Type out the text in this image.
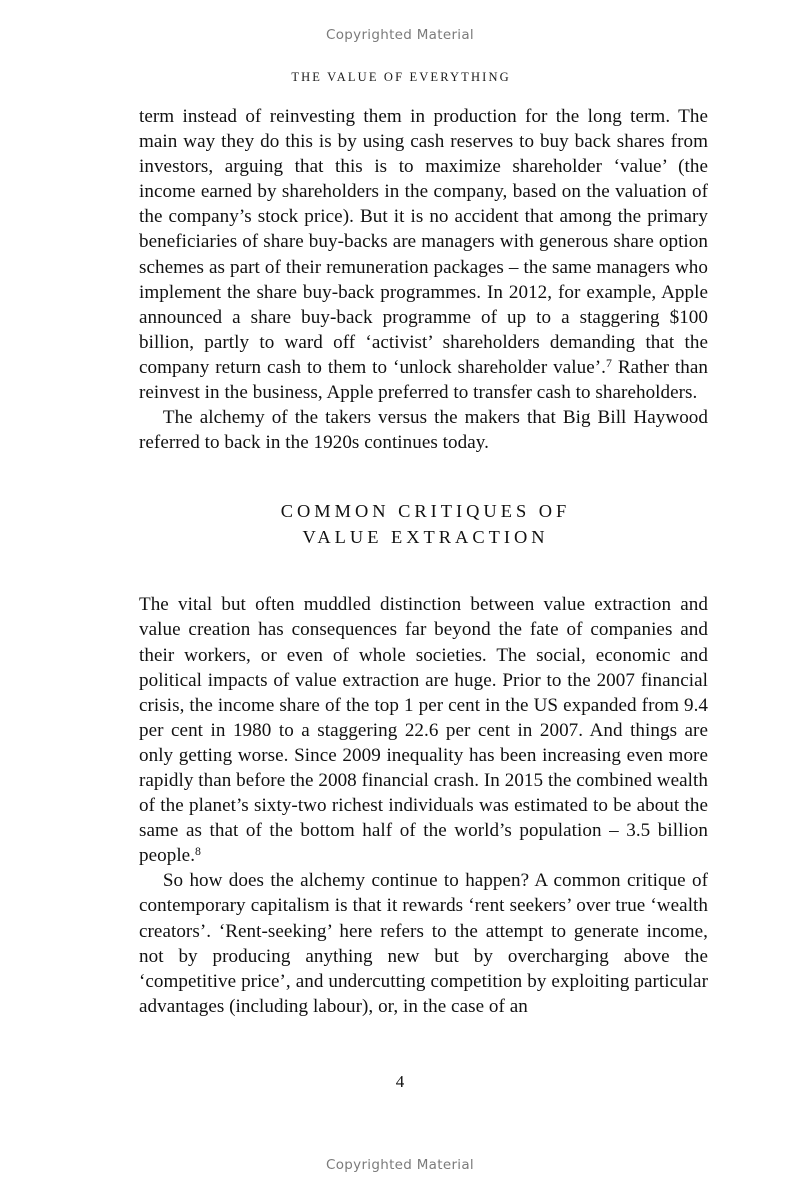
Copyrighted Material
THE VALUE OF EVERYTHING

term instead of reinvesting them in production for the long term. The main way they do this is by using cash reserves to buy back shares from investors, arguing that this is to maximize shareholder ‘value’ (the income earned by shareholders in the company, based on the valuation of the company’s stock price). But it is no accident that among the primary beneficiaries of share buy-backs are managers with generous share option schemes as part of their remuneration packages – the same managers who implement the share buy-back programmes. In 2012, for example, Apple announced a share buy-back programme of up to a staggering $100 billion, partly to ward off ‘activist’ shareholders demanding that the company return cash to them to ‘unlock shareholder value’.$^7$ Rather than reinvest in the business, Apple preferred to transfer cash to shareholders.

The alchemy of the takers versus the makers that Big Bill Haywood referred to back in the 1920s continues today.

COMMON CRITIQUES OF
VALUE EXTRACTION

The vital but often muddled distinction between value extraction and value creation has consequences far beyond the fate of companies and their workers, or even of whole societies. The social, economic and political impacts of value extraction are huge. Prior to the 2007 financial crisis, the income share of the top 1 per cent in the US expanded from 9.4 per cent in 1980 to a staggering 22.6 per cent in 2007. And things are only getting worse. Since 2009 inequality has been increasing even more rapidly than before the 2008 financial crash. In 2015 the combined wealth of the planet’s sixty-two richest individuals was estimated to be about the same as that of the bottom half of the world’s population – 3.5 billion people.$^8$

So how does the alchemy continue to happen? A common critique of contemporary capitalism is that it rewards ‘rent seekers’ over true ‘wealth creators’. ‘Rent-seeking’ here refers to the attempt to generate income, not by producing anything new but by overcharging above the ‘competitive price’, and undercutting competition by exploiting particular advantages (including labour), or, in the case of an

4
Copyrighted Material
